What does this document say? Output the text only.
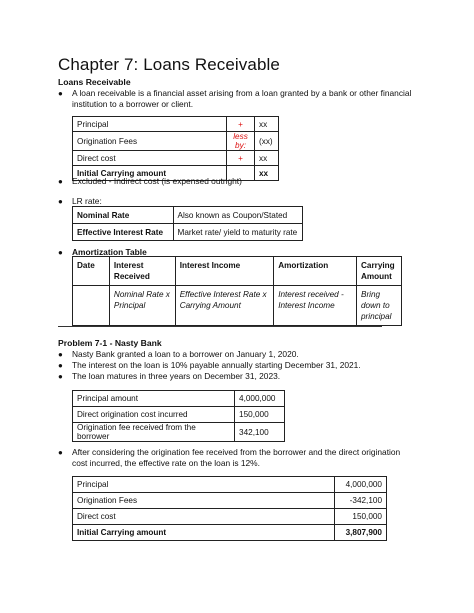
Chapter 7: Loans Receivable
Loans Receivable
● A loan receivable is a financial asset arising from a loan granted by a bank or other financial institution to a borrower or client.
Principal	+	xx
Origination Fees	less by:	(xx)
Direct cost	+	xx
Initial Carrying amount		xx
● Excluded - Indirect cost (is expensed outright)
● LR rate:
Nominal Rate	Also known as Coupon/Stated
Effective Interest Rate	Market rate/ yield to maturity rate
● Amortization Table
Date	Interest Received	Interest Income	Amortization	Carrying Amount
	Nominal Rate x Principal	Effective Interest Rate x Carrying Amount	Interest received - Interest Income	Bring down to principal
Problem 7-1 - Nasty Bank
● Nasty Bank granted a loan to a borrower on January 1, 2020.
● The interest on the loan is 10% payable annually starting December 31, 2021.
● The loan matures in three years on December 31, 2023.
Principal amount	4,000,000
Direct origination cost incurred	150,000
Origination fee received from the borrower	342,100
● After considering the origination fee received from the borrower and the direct origination cost incurred, the effective rate on the loan is 12%.
Principal	4,000,000
Origination Fees	-342,100
Direct cost	150,000
Initial Carrying amount	3,807,900
